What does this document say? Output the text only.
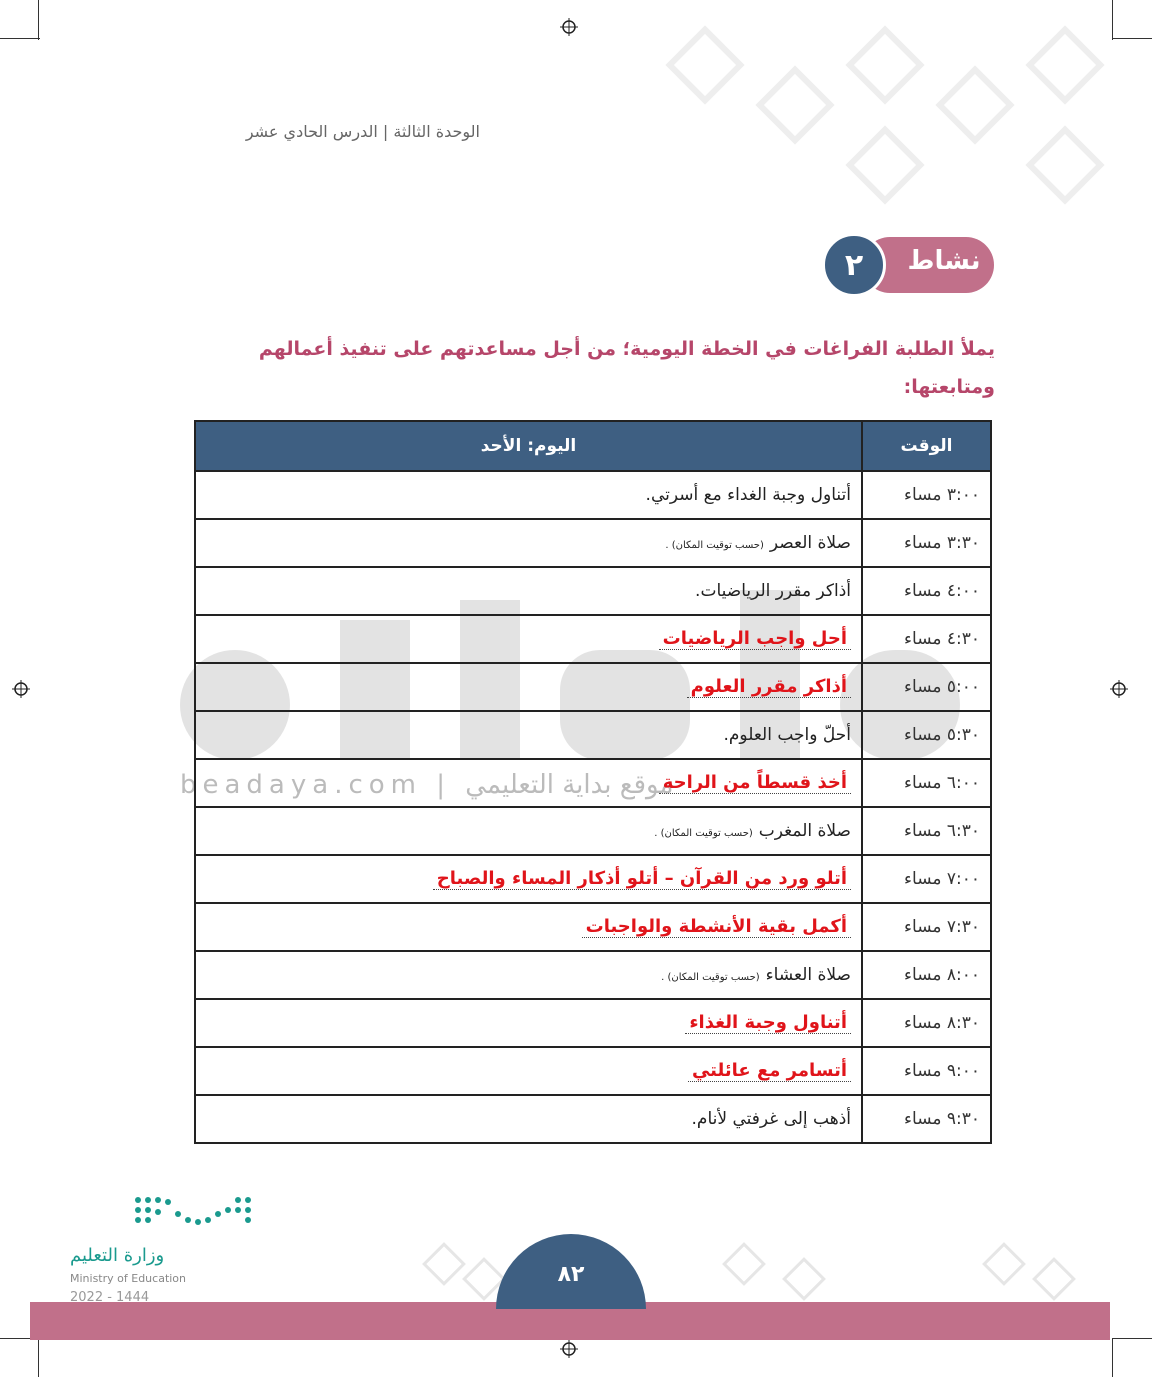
الوحدة الثالثة | الدرس الحادي عشر
نشاط
٢
يملأ الطلبة الفراغات في الخطة اليومية؛ من أجل مساعدتهم على تنفيذ أعمالهم ومتابعتها:
beadaya.com | موقع بداية التعليمي
الوقت	اليوم: الأحد
٣:٠٠ مساء	أتناول وجبة الغداء مع أسرتي.
٣:٣٠ مساء	صلاة العصر(حسب توقيت المكان) .
٤:٠٠ مساء	أذاكر مقرر الرياضيات.
٤:٣٠ مساء	أحل واجب الرياضيات
٥:٠٠ مساء	أذاكر مقرر العلوم
٥:٣٠ مساء	أحلّ واجب العلوم.
٦:٠٠ مساء	أخذ قسطاً من الراحة
٦:٣٠ مساء	صلاة المغرب(حسب توقيت المكان) .
٧:٠٠ مساء	أتلو ورد من القرآن – أتلو أذكار المساء والصباح
٧:٣٠ مساء	أكمل بقية الأنشطة والواجبات
٨:٠٠ مساء	صلاة العشاء(حسب توقيت المكان) .
٨:٣٠ مساء	أتناول وجبة الغذاء
٩:٠٠ مساء	أتسامر مع عائلتي
٩:٣٠ مساء	أذهب إلى غرفتي لأنام.
٨٢
وزارة التعليم
Ministry of Education
2022 - 1444
